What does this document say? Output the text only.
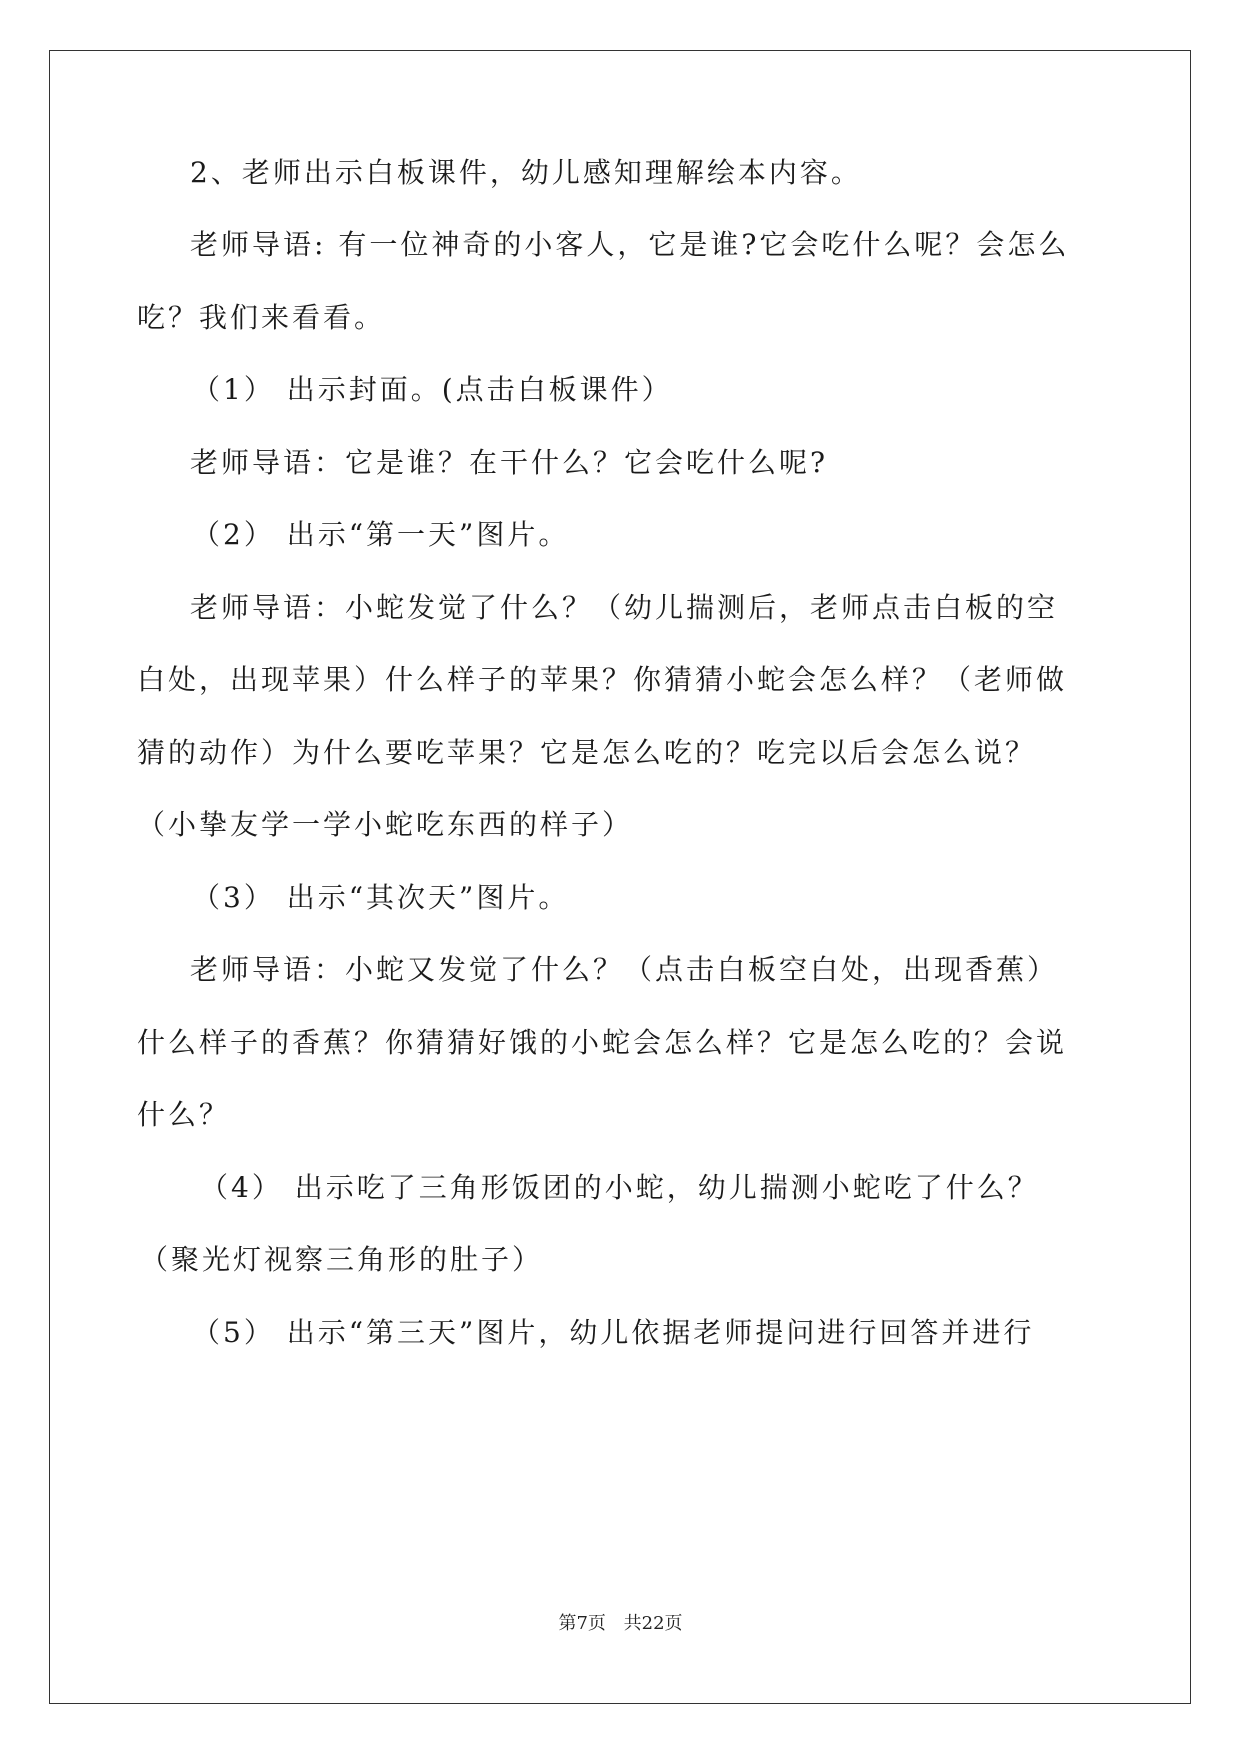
2、老师出示白板课件，幼儿感知理解绘本内容。
老师导语: 有一位神奇的小客人，它是谁?它会吃什么呢？会怎么
吃？我们来看看。
（1） 出示封面。(点击白板课件）
老师导语：它是谁？在干什么？它会吃什么呢?
（2） 出示“第一天”图片。
老师导语：小蛇发觉了什么？（幼儿揣测后，老师点击白板的空
白处，出现苹果）什么样子的苹果？你猜猜小蛇会怎么样？（老师做
猜的动作）为什么要吃苹果？它是怎么吃的？吃完以后会怎么说？
（小挚友学一学小蛇吃东西的样子）
（3） 出示“其次天”图片。
老师导语：小蛇又发觉了什么？（点击白板空白处，出现香蕉）
什么样子的香蕉？你猜猜好饿的小蛇会怎么样？它是怎么吃的？会说
什么？
（4） 出示吃了三角形饭团的小蛇，幼儿揣测小蛇吃了什么？
（聚光灯视察三角形的肚子）
（5） 出示“第三天”图片，幼儿依据老师提问进行回答并进行
第7页 共22页
